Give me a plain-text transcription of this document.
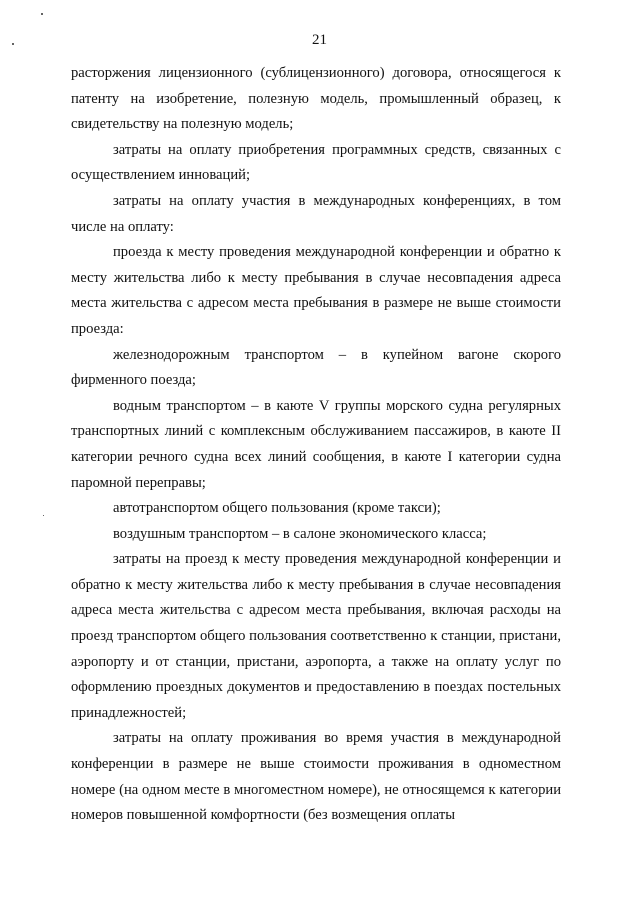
21

расторжения лицензионного (сублицензионного) договора, относящегося к патенту на изобретение, полезную модель, промышленный образец, к свидетельству на полезную модель;

затраты на оплату приобретения программных средств, связанных с осуществлением инноваций;

затраты на оплату участия в международных конференциях, в том числе на оплату:

проезда к месту проведения международной конференции и обратно к месту жительства либо к месту пребывания в случае несовпадения адреса места жительства с адресом места пребывания в размере не выше стоимости проезда:

железнодорожным транспортом – в купейном вагоне скорого фирменного поезда;

водным транспортом – в каюте V группы морского судна регулярных транспортных линий с комплексным обслуживанием пассажиров, в каюте II категории речного судна всех линий сообщения, в каюте I категории судна паромной переправы;

автотранспортом общего пользования (кроме такси);

воздушным транспортом – в салоне экономического класса;

затраты на проезд к месту проведения международной конференции и обратно к месту жительства либо к месту пребывания в случае несовпадения адреса места жительства с адресом места пребывания, включая расходы на проезд транспортом общего пользования соответственно к станции, пристани, аэропорту и от станции, пристани, аэропорта, а также на оплату услуг по оформлению проездных документов и предоставлению в поездах постельных принадлежностей;

затраты на оплату проживания во время участия в международной конференции в размере не выше стоимости проживания в одноместном номере (на одном месте в многоместном номере), не относящемся к категории номеров повышенной комфортности (без возмещения оплаты
